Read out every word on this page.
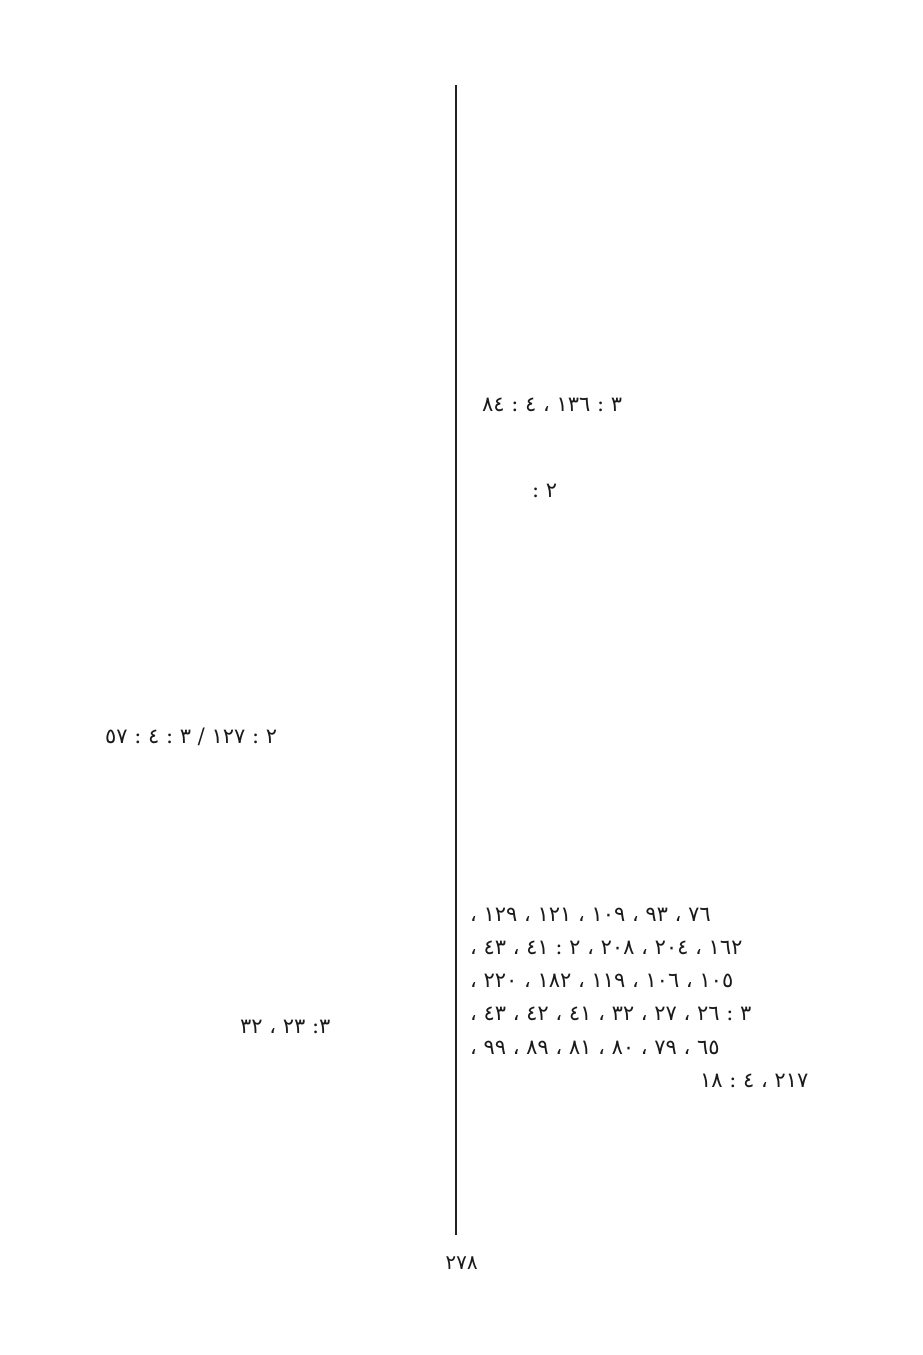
٣ : ١٣٦ ، ٤ : ٨٤
٢ :
٧٦ ، ٩٣ ، ١٠٩ ، ١٢١ ، ١٢٩ ،
١٦٢ ، ٢٠٤ ، ٢٠٨ ، ٢ : ٤١ ، ٤٣ ،
١٠٥ ، ١٠٦ ، ١١٩ ، ١٨٢ ، ٢٢٠ ،
٣ : ٢٦ ، ٢٧ ، ٣٢ ، ٤١ ، ٤٢ ، ٤٣ ،
٦٥ ، ٧٩ ، ٨٠ ، ٨١ ، ٨٩ ، ٩٩ ،
٢١٧ ، ٤ : ١٨
٢ : ١٢٧ / ٣ : ٤ : ٥٧
٣: ٢٣ ، ٣٢
٢٧٨
